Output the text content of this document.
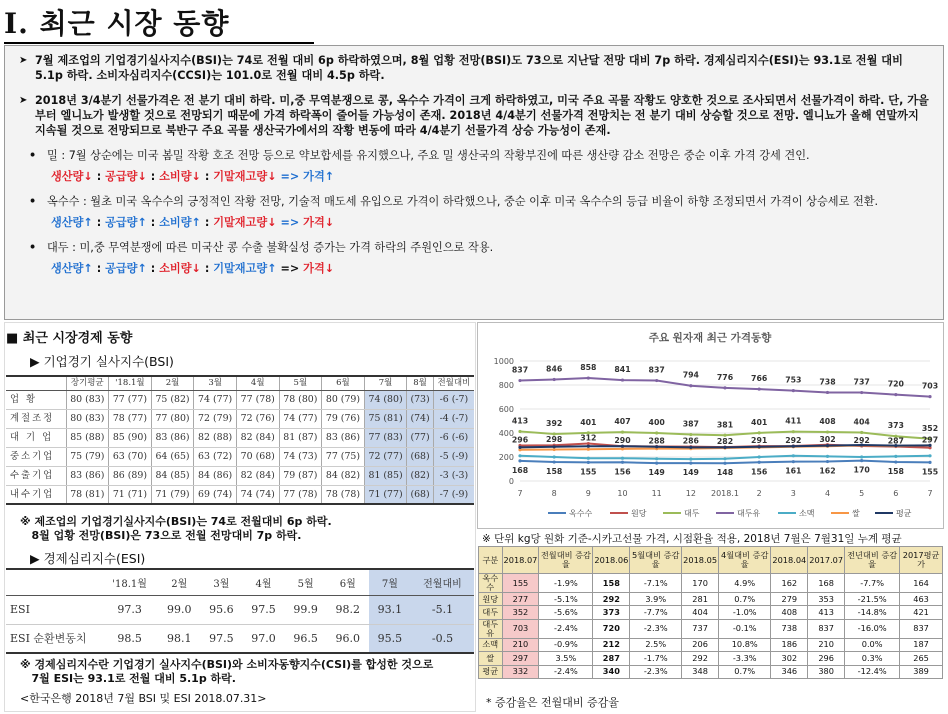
Ⅰ. 최근 시장 동향
➤ 7월 제조업의 기업경기실사지수(BSI)는 74로 전월 대비 6p 하락하였으며, 8월 업황 전망(BSI)도 73으로 지난달 전망 대비 7p 하락. 경제심리지수(ESI)는 93.1로 전월 대비 5.1p 하락. 소비자심리지수(CCSI)는 101.0로 전월 대비 4.5p 하락.
➤ 2018년 3/4분기 선물가격은 전 분기 대비 하락. 미,중 무역분쟁으로 콩, 옥수수 가격이 크게 하락하였고, 미국 주요 곡물 작황도 양호한 것으로 조사되면서 선물가격이 하락. 단, 가을부터 엘니뇨가 발생할 것으로 전망되기 때문에 가격 하락폭이 줄어들 가능성이 존재. 2018년 4/4분기 선물가격 전망치는 전 분기 대비 상승할 것으로 전망. 엘니뇨가 올해 연말까지 지속될 것으로 전망되므로 북반구 주요 곡물 생산국가에서의 작황 변동에 따라 4/4분기 선물가격 상승 가능성이 존재.
• 밀 : 7월 상순에는 미국 봄밀 작황 호조 전망 등으로 약보합세를 유지했으나, 주요 밀 생산국의 작황부진에 따른 생산량 감소 전망은 중순 이후 가격 강세 견인.
생산량↓ : 공급량↓ : 소비량↓ : 기말재고량↓ => 가격↑
• 옥수수 : 월초 미국 옥수수의 긍정적인 작황 전망, 기술적 매도세 유입으로 가격이 하락했으나, 중순 이후 미국 옥수수의 등급 비율이 하향 조정되면서 가격이 상승세로 전환.
생산량↑ : 공급량↑ : 소비량↑ : 기말재고량↓ => 가격↓
• 대두 : 미,중 무역분쟁에 따른 미국산 콩 수출 불확실성 증가는 가격 하락의 주원인으로 작용.
생산량↑ : 공급량↑ : 소비량↓ : 기말재고량↑ => 가격↓
■ 최근 시장경제 동향
▶ 기업경기 실사지수(BSI)
	장기평균	'18.1월	2월	3월	4월	5월	6월	7월	8월	전월대비
업 황	80 (83)	77 (77)	75 (82)	74 (77)	77 (78)	78 (80)	80 (79)	74 (80)	(73)	-6 (-7)
계절조정	80 (83)	78 (77)	77 (80)	72 (79)	72 (76)	74 (77)	79 (76)	75 (81)	(74)	-4 (-7)
대 기 업	85 (88)	85 (90)	83 (86)	82 (88)	82 (84)	81 (87)	83 (86)	77 (83)	(77)	-6 (-6)
중소기업	75 (79)	63 (70)	64 (65)	63 (72)	70 (68)	74 (73)	77 (75)	72 (77)	(68)	-5 (-9)
수출기업	83 (86)	86 (89)	84 (85)	84 (86)	82 (84)	79 (87)	84 (82)	81 (85)	(82)	-3 (-3)
내수기업	78 (81)	71 (71)	71 (79)	69 (74)	74 (74)	77 (78)	78 (78)	71 (77)	(68)	-7 (-9)
※ 제조업의 기업경기실사지수(BSI)는 74로 전월대비 6p 하락.
8월 업황 전망(BSI)은 73으로 전월 전망대비 7p 하락.
▶ 경제심리지수(ESI)
	'18.1월	2월	3월	4월	5월	6월	7월	전월대비
ESI	97.3	99.0	95.6	97.5	99.9	98.2	93.1	-5.1
ESI 순환변동치	98.5	98.1	97.5	97.0	96.5	96.0	95.5	-0.5
※ 경제심리지수란 기업경기 실사지수(BSI)와 소비자동향지수(CSI)를 합성한 것으로
7월 ESI는 93.1로 전월 대비 5.1p 하락.
<한국은행 2018년 7월 BSI 및 ESI 2018.07.31>
주요 원자재 최근 가격동향
0
200
400
600
800
1000
7	8	9	10	11	12 2018.1 2	3	4	5	6	7
837 846 858 841 837
794 776 766 753 738 737 720 703
413 392 401 407 400 387 381 401 411 408 404 373 352
296 298 312 290 288 286 282 291 292 302 292 287 297
168 158 155 156 149 149 148 156 161 162 170 158 155
옥수수	원당	대두	대두유	소맥	쌀	평균
※ 단위 kg당 원화 기준-시카고선물 가격, 시점환율 적용, 2018년 7월은 7월31일 누계 평균
구분	2018.07	전월대비 증감율	2018.06	5월대비 증감율	2018.05	4월대비 증감율	2018.04	2017.07	전년대비 증감율	2017평균가
옥수수	155	-1.9%	158	-7.1%	170	4.9%	162	168	-7.7%	164
원당	277	-5.1%	292	3.9%	281	0.7%	279	353	-21.5%	463
대두	352	-5.6%	373	-7.7%	404	-1.0%	408	413	-14.8%	421
대두유	703	-2.4%	720	-2.3%	737	-0.1%	738	837	-16.0%	837
소맥	210	-0.9%	212	2.5%	206	10.8%	186	210	0.0%	187
쌀	297	3.5%	287	-1.7%	292	-3.3%	302	296	0.3%	265
평균	332	-2.4%	340	-2.3%	348	0.7%	346	380	-12.4%	389
* 증감율은 전월대비 증감율
